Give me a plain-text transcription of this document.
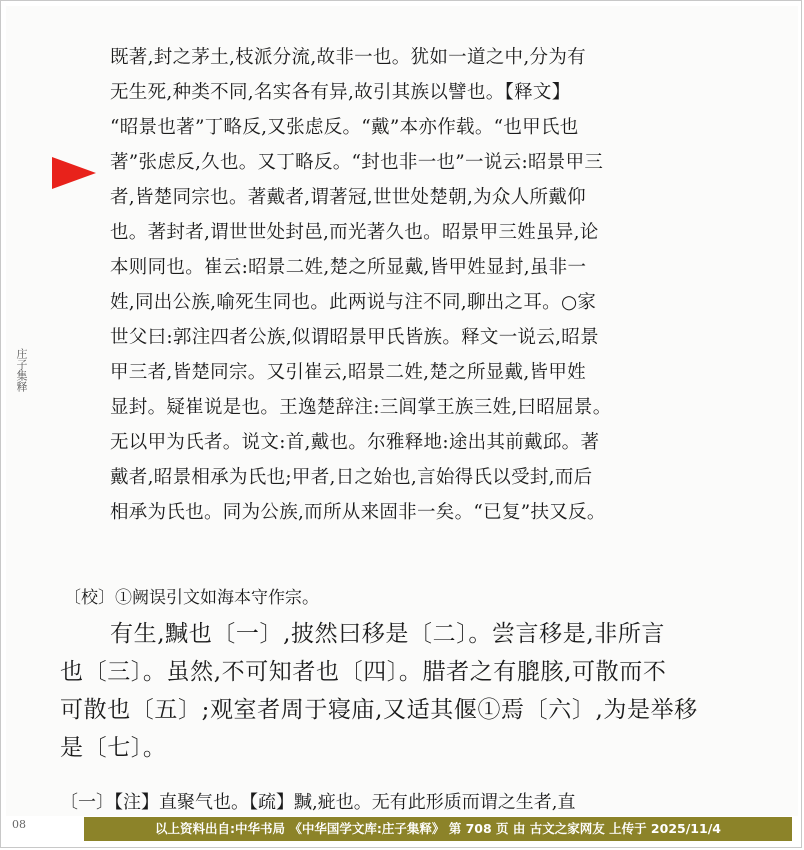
庄子集释
08
既著,封之茅土,枝派分流,故非一也。犹如一道之中,分为有
无生死,种类不同,名实各有异,故引其族以譬也。【释文】
“昭景也著”丁略反,又张虑反。“戴”本亦作载。“也甲氏也
著”张虑反,久也。又丁略反。“封也非一也”一说云:昭景甲三
者,皆楚同宗也。著戴者,谓著冠,世世处楚朝,为众人所戴仰
也。著封者,谓世世处封邑,而光著久也。昭景甲三姓虽异,论
本则同也。崔云:昭景二姓,楚之所显戴,皆甲姓显封,虽非一
姓,同出公族,喻死生同也。此两说与注不同,聊出之耳。○家
世父曰:郭注四者公族,似谓昭景甲氏皆族。释文一说云,昭景
甲三者,皆楚同宗。又引崔云,昭景二姓,楚之所显戴,皆甲姓
显封。疑崔说是也。王逸楚辞注:三闾掌王族三姓,曰昭屈景。
无以甲为氏者。说文:首,戴也。尔雅释地:途出其前戴邱。著
戴者,昭景相承为氏也;甲者,日之始也,言始得氏以受封,而后
相承为氏也。同为公族,而所从来固非一矣。“已复”扶又反。
〔校〕①阙误引文如海本守作宗。
有生,黬也〔一〕,披然曰移是〔二〕。尝言移是,非所言
也〔三〕。虽然,不可知者也〔四〕。腊者之有膍胲,可散而不
可散也〔五〕;观室者周于寝庙,又适其偃①焉〔六〕,为是举移
是〔七〕。
〔一〕【注】直聚气也。【疏】黬,疵也。无有此形质而谓之生者,直
以上资料出自:中华书局 《中华国学文库:庄子集释》 第 708 页 由 古文之家网友 上传于 2025/11/4
